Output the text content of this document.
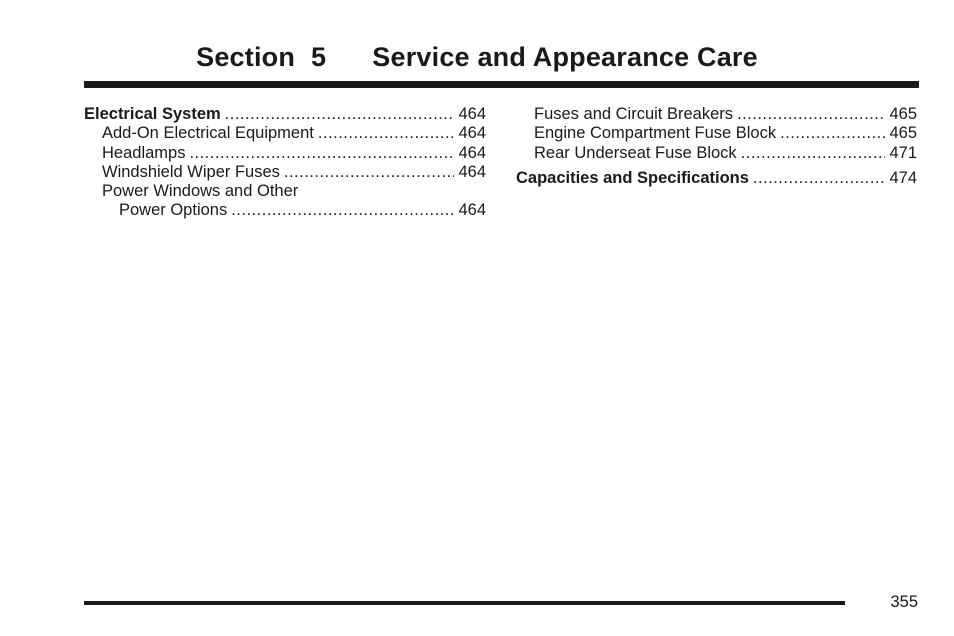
Section 5 Service and Appearance Care
Electrical System .....	464
Add-On Electrical Equipment .....	464
Headlamps .....	464
Windshield Wiper Fuses .....	464
Power Windows and Other
Power Options .....	464
Fuses and Circuit Breakers .....	465
Engine Compartment Fuse Block .....	465
Rear Underseat Fuse Block .....	471
Capacities and Specifications .....	474
355
